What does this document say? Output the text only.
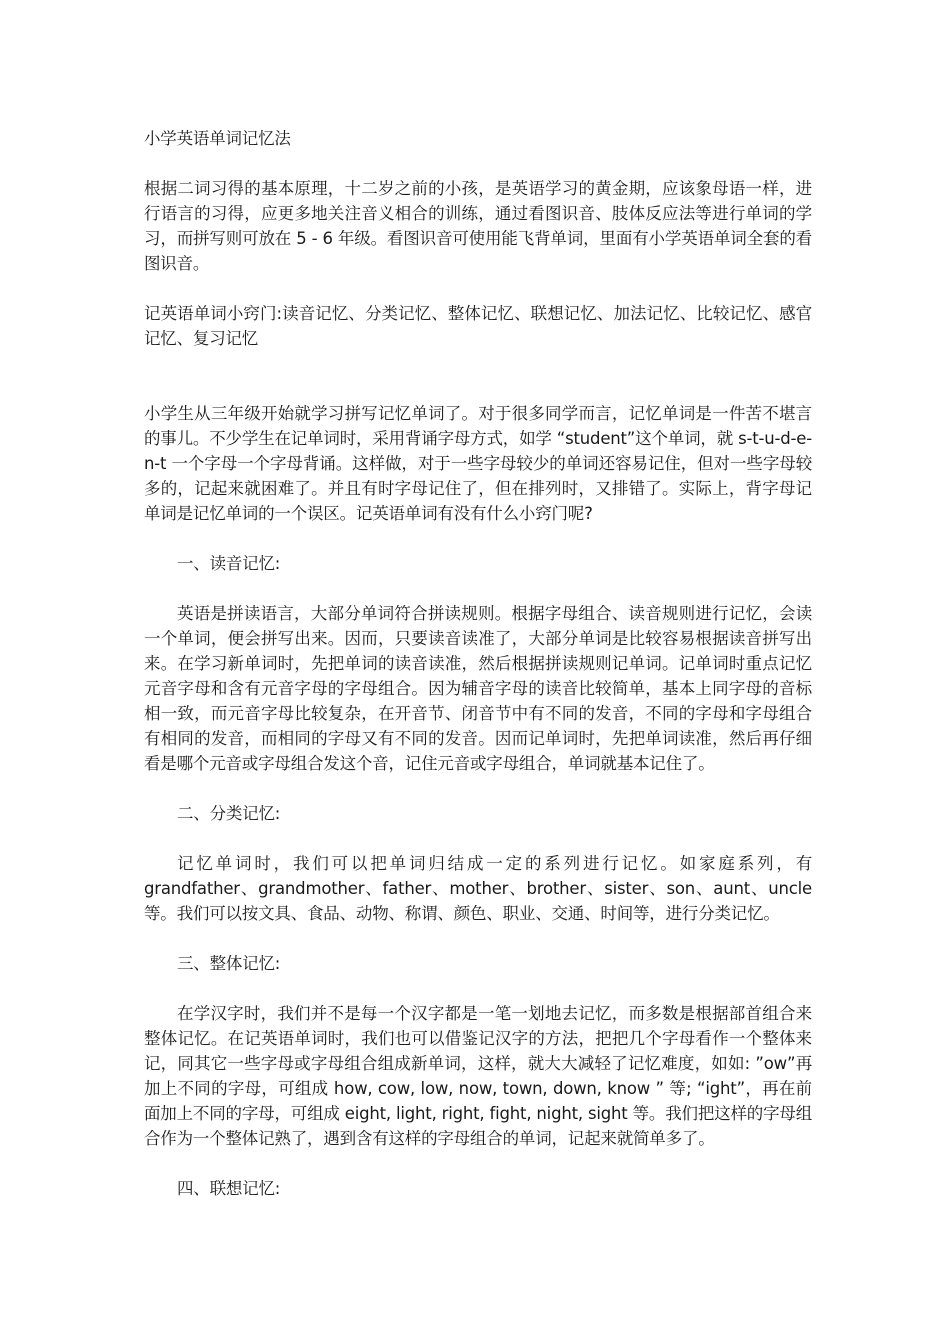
小学英语单词记忆法

根据二词习得的基本原理，十二岁之前的小孩，是英语学习的黄金期，应该象母语一样，进行语言的习得，应更多地关注音义相合的训练，通过看图识音、肢体反应法等进行单词的学习，而拼写则可放在 5 - 6 年级。看图识音可使用能飞背单词，里面有小学英语单词全套的看图识音。

记英语单词小窍门:读音记忆、分类记忆、整体记忆、联想记忆、加法记忆、比较记忆、感官记忆、复习记忆

小学生从三年级开始就学习拼写记忆单词了。对于很多同学而言，记忆单词是一件苦不堪言的事儿。不少学生在记单词时，采用背诵字母方式，如学 “student”这个单词，就 s-t-u-d-e-n-t 一个字母一个字母背诵。这样做，对于一些字母较少的单词还容易记住，但对一些字母较多的，记起来就困难了。并且有时字母记住了，但在排列时，又排错了。实际上，背字母记单词是记忆单词的一个误区。记英语单词有没有什么小窍门呢?

一、读音记忆:

英语是拼读语言，大部分单词符合拼读规则。根据字母组合、读音规则进行记忆，会读一个单词，便会拼写出来。因而，只要读音读准了，大部分单词是比较容易根据读音拼写出来。在学习新单词时，先把单词的读音读准，然后根据拼读规则记单词。记单词时重点记忆元音字母和含有元音字母的字母组合。因为辅音字母的读音比较简单，基本上同字母的音标相一致，而元音字母比较复杂，在开音节、闭音节中有不同的发音，不同的字母和字母组合有相同的发音，而相同的字母又有不同的发音。因而记单词时，先把单词读准，然后再仔细看是哪个元音或字母组合发这个音，记住元音或字母组合，单词就基本记住了。

二、分类记忆:

记忆单词时，我们可以把单词归结成一定的系列进行记忆。如家庭系列，有grandfather、grandmother、father、mother、brother、sister、son、aunt、uncle 等。我们可以按文具、食品、动物、称谓、颜色、职业、交通、时间等，进行分类记忆。

三、整体记忆:

在学汉字时，我们并不是每一个汉字都是一笔一划地去记忆，而多数是根据部首组合来整体记忆。在记英语单词时，我们也可以借鉴记汉字的方法，把把几个字母看作一个整体来记，同其它一些字母或字母组合组成新单词，这样，就大大减轻了记忆难度，如如: ”ow”再加上不同的字母，可组成 how, cow, low, now, town, down, know ” 等; “ight”，再在前面加上不同的字母，可组成 eight, light, right, fight, night, sight 等。我们把这样的字母组合作为一个整体记熟了，遇到含有这样的字母组合的单词，记起来就简单多了。

四、联想记忆:
